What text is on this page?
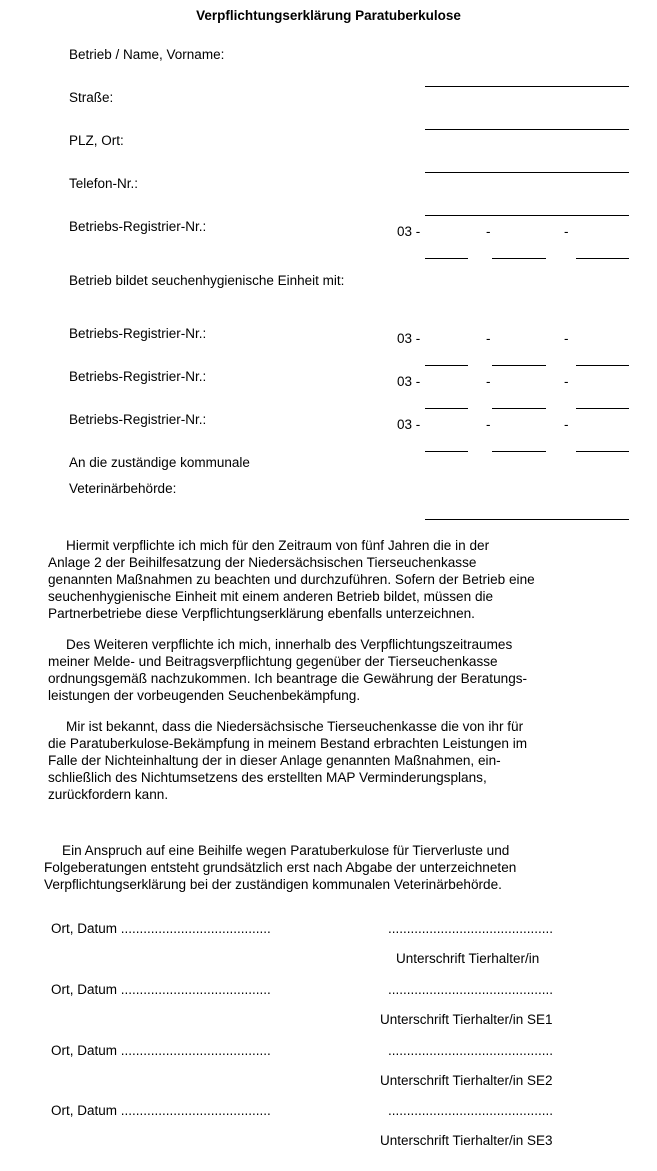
Verpflichtungserklärung Paratuberkulose
Betrieb / Name, Vorname:
Straße:
PLZ, Ort:
Telefon-Nr.:
Betriebs-Registrier-Nr.:	03 -	-	-
Betrieb bildet seuchenhygienische Einheit mit:
Betriebs-Registrier-Nr.:	03 -	-	-
Betriebs-Registrier-Nr.:	03 -	-	-
Betriebs-Registrier-Nr.:	03 -	-	-
An die zuständige kommunale
Veterinärbehörde:
Hiermit verpflichte ich mich für den Zeitraum von fünf Jahren die in der
Anlage 2 der Beihilfesatzung der Niedersächsischen Tierseuchenkasse
genannten Maßnahmen zu beachten und durchzuführen. Sofern der Betrieb eine
seuchenhygienische Einheit mit einem anderen Betrieb bildet, müssen die
Partnerbetriebe diese Verpflichtungserklärung ebenfalls unterzeichnen.
Des Weiteren verpflichte ich mich, innerhalb des Verpflichtungszeitraumes
meiner Melde- und Beitragsverpflichtung gegenüber der Tierseuchenkasse
ordnungsgemäß nachzukommen. Ich beantrage die Gewährung der Beratungs-
leistungen der vorbeugenden Seuchenbekämpfung.
Mir ist bekannt, dass die Niedersächsische Tierseuchenkasse die von ihr für
die Paratuberkulose-Bekämpfung in meinem Bestand erbrachten Leistungen im
Falle der Nichteinhaltung der in dieser Anlage genannten Maßnahmen, ein-
schließlich des Nichtumsetzens des erstellten MAP Verminderungsplans,
zurückfordern kann.
Ein Anspruch auf eine Beihilfe wegen Paratuberkulose für Tierverluste und
Folgeberatungen entsteht grundsätzlich erst nach Abgabe der unterzeichneten
Verpflichtungserklärung bei der zuständigen kommunalen Veterinärbehörde.
Ort, Datum ........................................	............................................
Unterschrift Tierhalter/in
Ort, Datum ........................................	............................................
Unterschrift Tierhalter/in SE1
Ort, Datum ........................................	............................................
Unterschrift Tierhalter/in SE2
Ort, Datum ........................................	............................................
Unterschrift Tierhalter/in SE3
